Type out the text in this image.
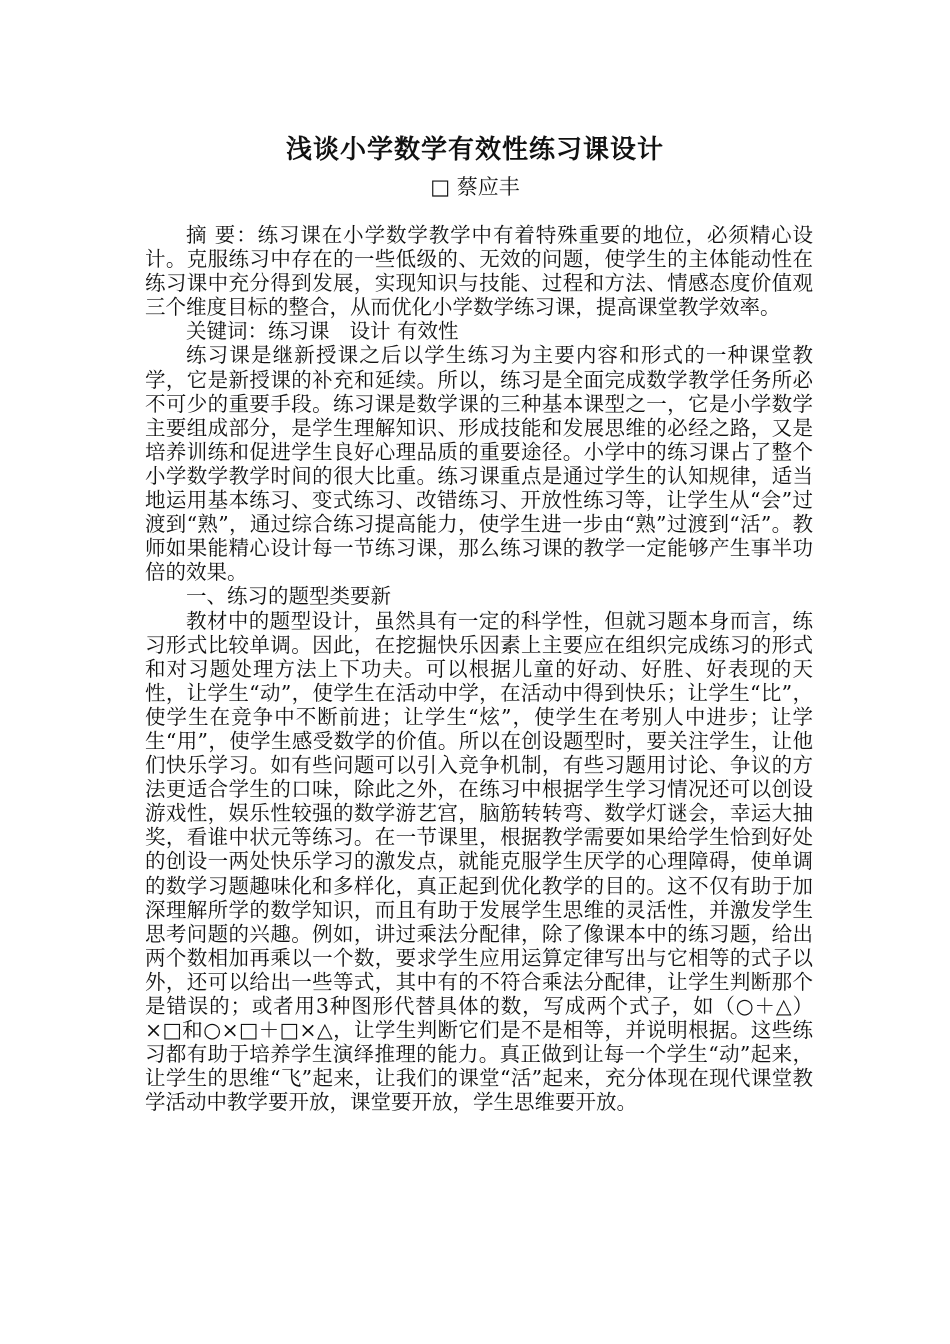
浅谈小学数学有效性练习课设计
□ 蔡应丰

摘 要：练习课在小学数学教学中有着特殊重要的地位，必须精心设计。克服练习中存在的一些低级的、无效的问题，使学生的主体能动性在练习课中充分得到发展，实现知识与技能、过程和方法、情感态度价值观三个维度目标的整合，从而优化小学数学练习课，提高课堂教学效率。

关键词：练习课 设计 有效性

练习课是继新授课之后以学生练习为主要内容和形式的一种课堂教学，它是新授课的补充和延续。所以，练习是全面完成数学教学任务所必不可少的重要手段。练习课是数学课的三种基本课型之一，它是小学数学主要组成部分，是学生理解知识、形成技能和发展思维的必经之路，又是培养训练和促进学生良好心理品质的重要途径。小学中的练习课占了整个小学数学教学时间的很大比重。练习课重点是通过学生的认知规律，适当地运用基本练习、变式练习、改错练习、开放性练习等，让学生从“会”过渡到“熟”，通过综合练习提高能力，使学生进一步由“熟”过渡到“活”。教师如果能精心设计每一节练习课，那么练习课的教学一定能够产生事半功倍的效果。

一、练习的题型类要新

教材中的题型设计，虽然具有一定的科学性，但就习题本身而言，练习形式比较单调。因此，在挖掘快乐因素上主要应在组织完成练习的形式和对习题处理方法上下功夫。可以根据儿童的好动、好胜、好表现的天性，让学生“动”，使学生在活动中学，在活动中得到快乐；让学生“比”，使学生在竞争中不断前进；让学生“炫”，使学生在考别人中进步；让学生“用”，使学生感受数学的价值。所以在创设题型时，要关注学生，让他们快乐学习。如有些问题可以引入竞争机制，有些习题用讨论、争议的方法更适合学生的口味，除此之外，在练习中根据学生学习情况还可以创设游戏性，娱乐性较强的数学游艺宫，脑筋转转弯、数学灯谜会，幸运大抽奖，看谁中状元等练习。在一节课里，根据教学需要如果给学生恰到好处的创设一两处快乐学习的激发点，就能克服学生厌学的心理障碍，使单调的数学习题趣味化和多样化，真正起到优化教学的目的。这不仅有助于加深理解所学的数学知识，而且有助于发展学生思维的灵活性，并激发学生思考问题的兴趣。例如，讲过乘法分配律，除了像课本中的练习题，给出两个数相加再乘以一个数，要求学生应用运算定律写出与它相等的式子以外，还可以给出一些等式，其中有的不符合乘法分配律，让学生判断那个是错误的；或者用3种图形代替具体的数，写成两个式子，如（○＋△）×□和○×□＋□×△，让学生判断它们是不是相等，并说明根据。这些练习都有助于培养学生演绎推理的能力。真正做到让每一个学生“动”起来，让学生的思维“飞”起来，让我们的课堂“活”起来，充分体现在现代课堂教学活动中教学要开放，课堂要开放，学生思维要开放。
